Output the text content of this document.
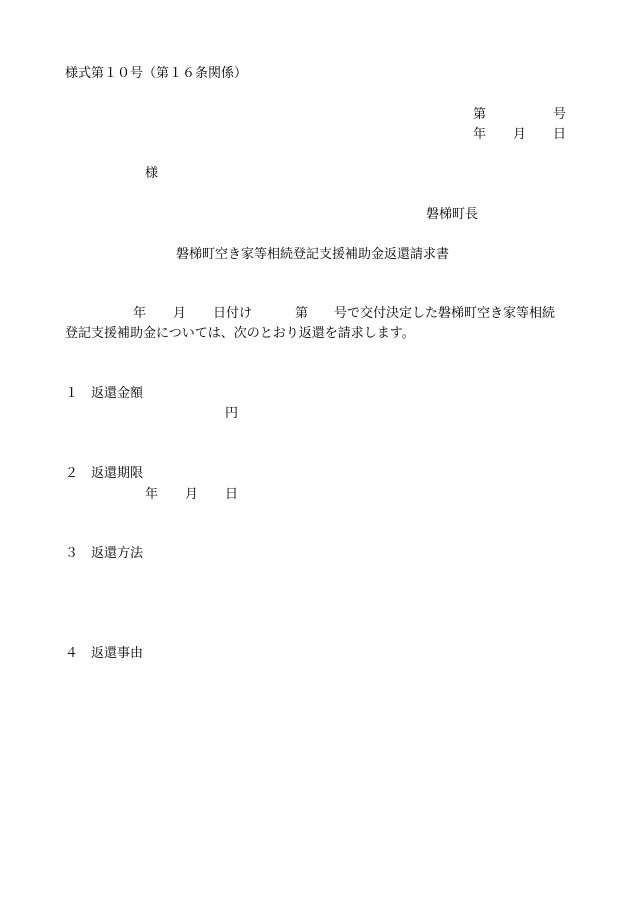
様式第１０号（第１６条関係）
第	号
年 月 日
様
磐梯町長
磐梯町空き家等相続登記支援補助金返還請求書
年 月 日付け	第 号で交付決定した磐梯町空き家等相続
登記支援補助金については、次のとおり返還を請求します。
１ 返還金額
円
２ 返還期限
年 月 日
３ 返還方法
４ 返還事由
